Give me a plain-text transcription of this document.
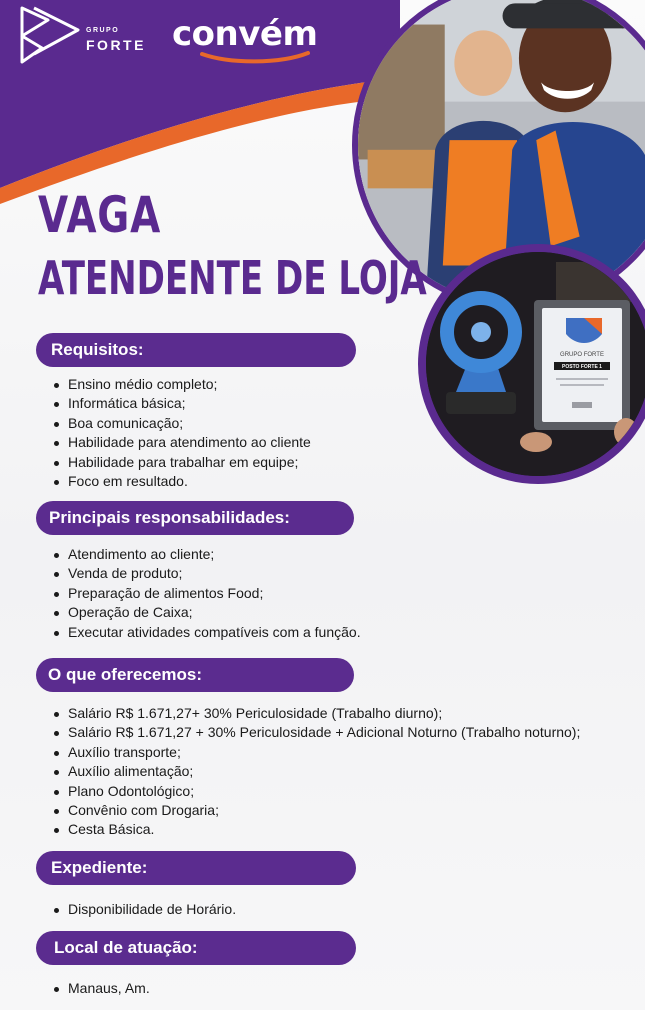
GRUPO
FORTE convém
GRUPO FORTE
POSTO FORTE 1
VAGA
ATENDENTE DE LOJA
Requisitos:
Ensino médio completo;
Informática básica;
Boa comunicação;
Habilidade para atendimento ao cliente
Habilidade para trabalhar em equipe;
Foco em resultado.
Principais responsabilidades:
Atendimento ao cliente;
Venda de produto;
Preparação de alimentos Food;
Operação de Caixa;
Executar atividades compatíveis com a função.
O que oferecemos:
Salário R$ 1.671,27+ 30% Periculosidade (Trabalho diurno);
Salário R$ 1.671,27 + 30% Periculosidade + Adicional Noturno (Trabalho noturno);
Auxílio transporte;
Auxílio alimentação;
Plano Odontológico;
Convênio com Drogaria;
Cesta Básica.
Expediente:
Disponibilidade de Horário.
Local de atuação:
Manaus, Am.
